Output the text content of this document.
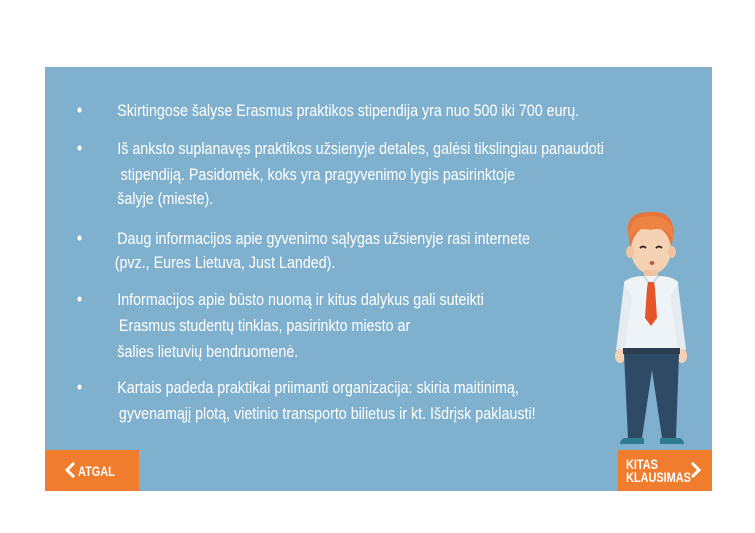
• Skirtingose šalyse Erasmus praktikos stipendija yra nuo 500 iki 700 eurų.
• Iš anksto suplanavęs praktikos užsienyje detales, galėsi tikslingiau panaudoti
stipendiją. Pasidomėk, koks yra pragyvenimo lygis pasirinktoje
šalyje (mieste).
• Daug informacijos apie gyvenimo sąlygas užsienyje rasi internete
(pvz., Eures Lietuva, Just Landed).
• Informacijos apie būsto nuomą ir kitus dalykus gali suteikti
Erasmus studentų tinklas, pasirinkto miesto ar
šalies lietuvių bendruomenė.
• Kartais padeda praktikai priimanti organizacija: skiria maitinimą,
gyvenamąjį plotą, vietinio transporto bilietus ir kt. Išdrįsk paklausti!
ATGAL	KITAS
KLAUSIMAS
